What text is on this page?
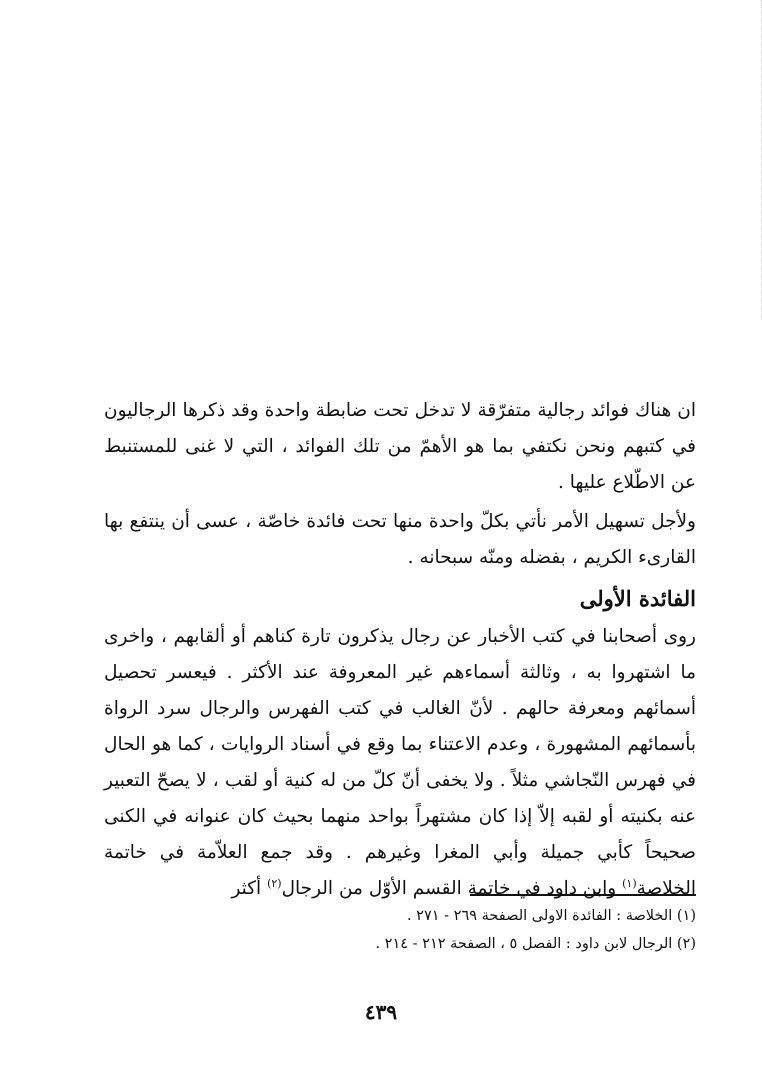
ان هناك فوائد رجالية متفرّقة لا تدخل تحت ضابطة واحدة وقد ذكرها الرجاليون في كتبهم ونحن نكتفي بما هو الأهمّ من تلك الفوائد ، التي لا غنى للمستنبط عن الاطّلاع عليها .

ولأجل تسهيل الأمر نأتي بكلّ واحدة منها تحت فائدة خاصّة ، عسى أن ينتفع بها القارىء الكريم ، بفضله ومنّه سبحانه .

الفائدة الأولى

روى أصحابنا في كتب الأخبار عن رجال يذكرون تارة كناهم أو ألقابهم ، واخرى ما اشتهروا به ، وثالثة أسماءهم غير المعروفة عند الأكثر . فيعسر تحصيل أسمائهم ومعرفة حالهم . لأنّ الغالب في كتب الفهرس والرجال سرد الرواة بأسمائهم المشهورة ، وعدم الاعتناء بما وقع في أسناد الروايات ، كما هو الحال في فهرس النّجاشي مثلاً . ولا يخفى أنّ كلّ من له كنية أو لقب ، لا يصحّ التعبير عنه بكنيته أو لقبه إلاّ إذا كان مشتهراً بواحد منهما بحيث كان عنوانه في الكنى صحيحاً كأبي جميلة وأبي المغرا وغيرهم . وقد جمع العلاّمة في خاتمة الخلاصة$^{(١)}$ وابن داود في خاتمة القسم الأوّل من الرجال$^{(٢)}$ أكثر

(١) الخلاصة : الفائدة الاولى الصفحة ٢٦٩ - ٢٧١ .

(٢) الرجال لابن داود : الفصل ٥ ، الصفحة ٢١٢ - ٢١٤ .

٤٣٩
